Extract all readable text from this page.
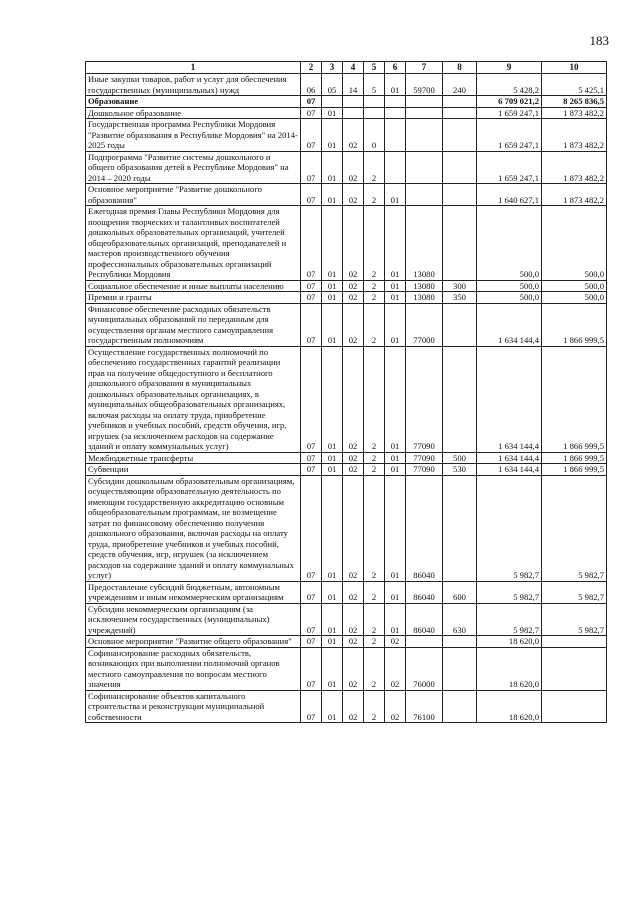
183
1	2	3	4	5	6	7	8	9	10
Иные закупки товаров, работ и услуг для обеспечения государственных (муниципальных) нужд	06	05	14	5	01	59700	240	5 428,2	5 425,1
Образование	07							6 709 021,2	8 265 836,5
Дошкольное образование	07	01						1 659 247,1	1 873 482,2
Государственная программа Республики Мордовия "Развитие образования в Республике Мордовия" на 2014-2025 годы	07	01	02	0				1 659 247,1	1 873 482,2
Подпрограмма "Развитие системы дошкольного и общего образования детей в Республике Мордовия" на 2014 – 2020 годы	07	01	02	2				1 659 247,1	1 873 482,2
Основное мероприятие "Развитие дошкольного образования"	07	01	02	2	01			1 640 627,1	1 873 482,2
Ежегодная премия Главы Республики Мордовия для поощрения творческих и талантливых воспитателей дошкольных образовательных организаций, учителей общеобразовательных организаций, преподавателей и мастеров производственного обучения профессиональных образовательных организаций Республики Мордовия	07	01	02	2	01	13080		500,0	500,0
Социальное обеспечение и иные выплаты населению	07	01	02	2	01	13080	300	500,0	500,0
Премии и гранты	07	01	02	2	01	13080	350	500,0	500,0
Финансовое обеспечение расходных обязательств муниципальных образований по переданным для осуществления органам местного самоуправления государственным полномочиям	07	01	02	2	01	77000		1 634 144,4	1 866 999,5
Осуществление государственных полномочий по обеспечению государственных гарантий реализации прав на получение общедоступного и бесплатного дошкольного образования в муниципальных дошкольных образовательных организациях, в муниципальных общеобразовательных организациях, включая расходы на оплату труда, приобретение учебников и учебных пособий, средств обучения, игр, игрушек (за исключением расходов на содержание зданий и оплату коммунальных услуг)	07	01	02	2	01	77090		1 634 144,4	1 866 999,5
Межбюджетные трансферты	07	01	02	2	01	77090	500	1 634 144,4	1 866 999,5
Субвенции	07	01	02	2	01	77090	530	1 634 144,4	1 866 999,5
Субсидии дошкольным образовательным организациям, осуществляющим образовательную деятельность по имеющим государственную аккредитацию основным общеобразовательным программам, не возмещение затрат по финансовому обеспечению получения дошкольного образования, включая расходы на оплату труда, приобретение учебников и учебных пособий, средств обучения, игр, игрушек (за исключением расходов на содержание зданий и оплату коммунальных услуг)	07	01	02	2	01	86040		5 982,7	5 982,7
Предоставление субсидий бюджетным, автономным учреждениям и иным некоммерческим организациям	07	01	02	2	01	86040	600	5 982,7	5 982,7
Субсидии некоммерческим организациям (за исключением государственных (муниципальных) учреждений)	07	01	02	2	01	86040	630	5 982,7	5 982,7
Основное мероприятие "Развитие общего образования"	07	01	02	2	02			18 620,0	
Софинансирование расходных обязательств, возникающих при выполнении полномочий органов местного самоуправления по вопросам местного значения	07	01	02	2	02	76000		18 620,0	
Софинансирование объектов капитального строительства и реконструкции муниципальной собственности	07	01	02	2	02	76100		18 620,0	
